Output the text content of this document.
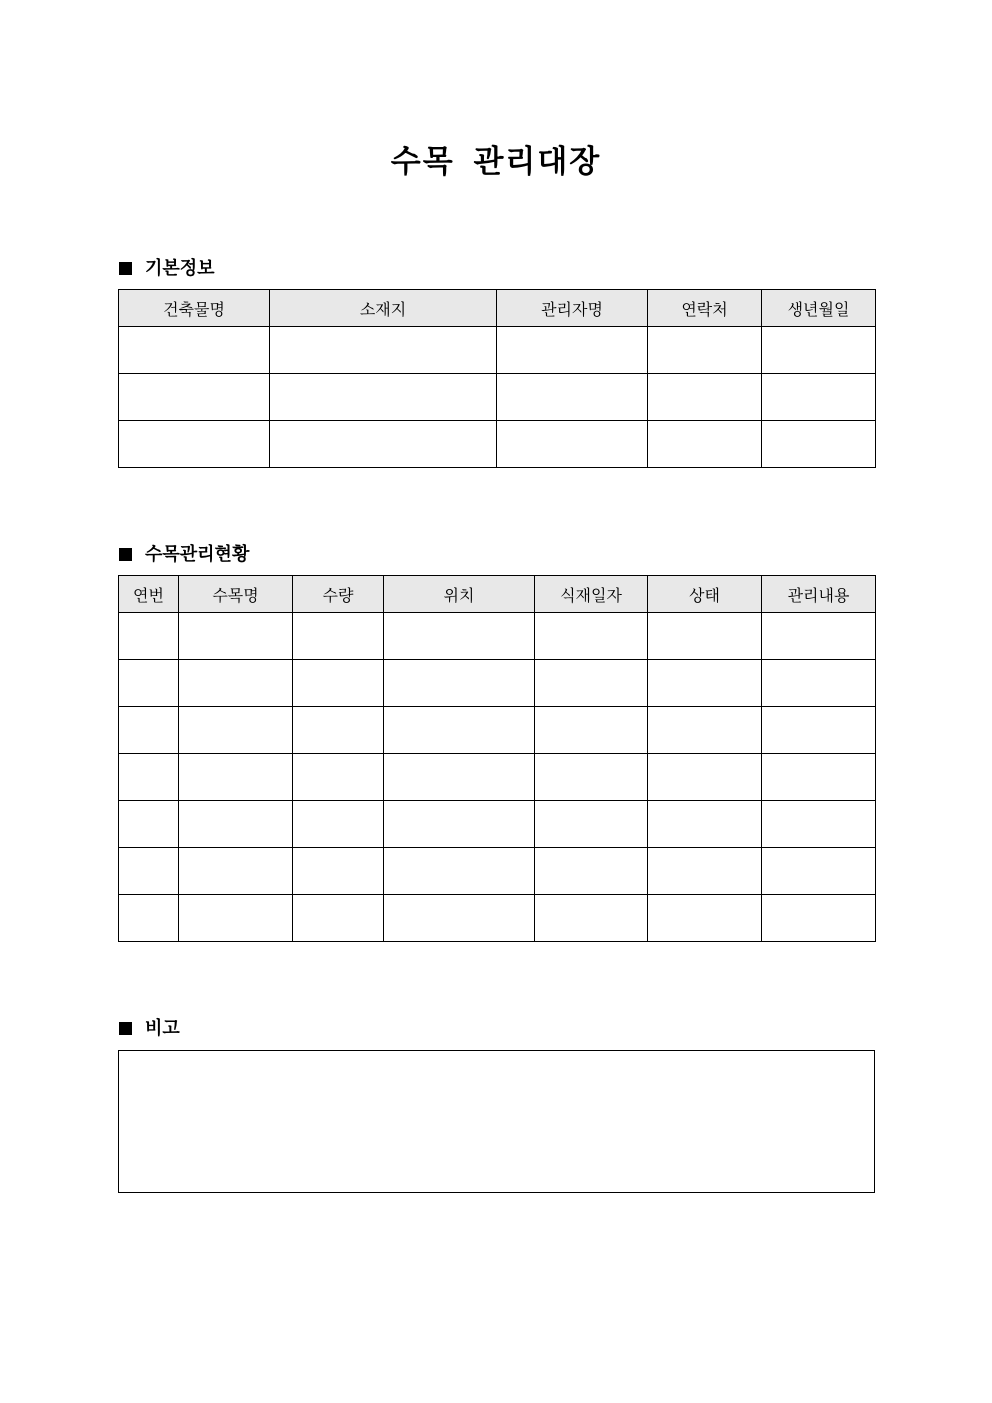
수목 관리대장
기본정보
건축물명	소재지	관리자명	연락처	생년월일

수목관리현황
연번	수목명	수량	위치	식재일자	상태	관리내용

비고
